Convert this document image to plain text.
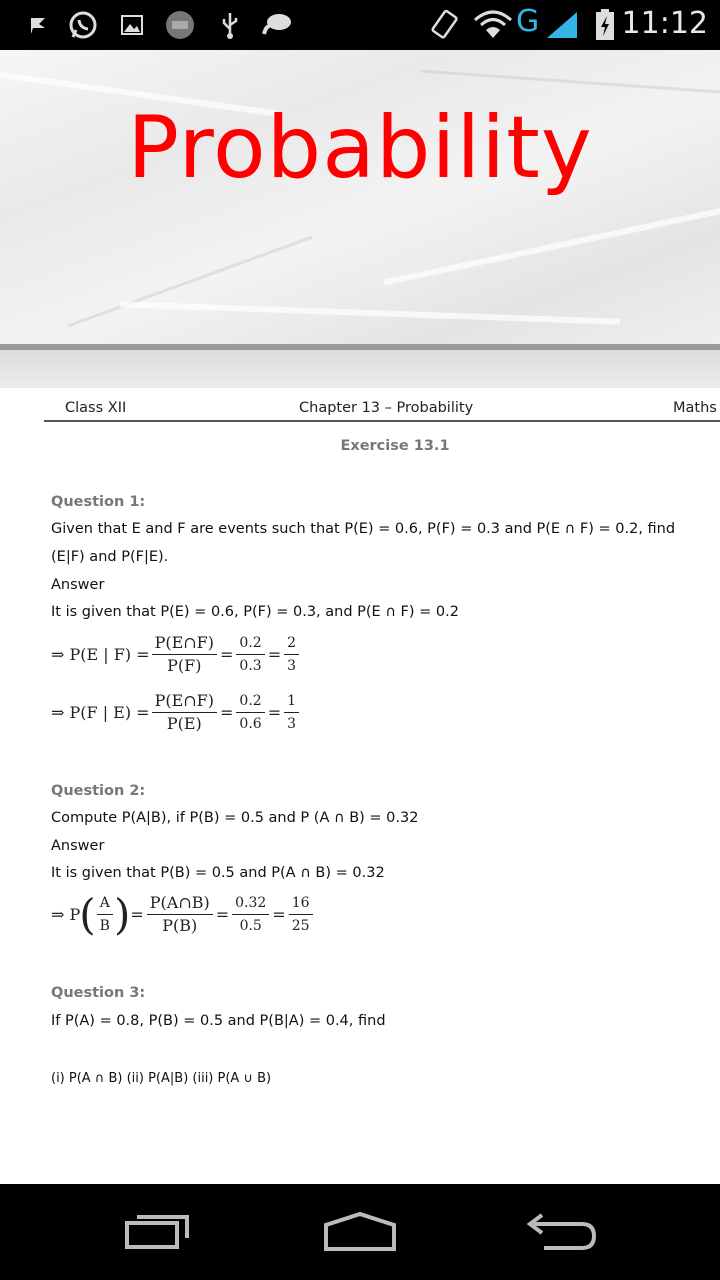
G	11:12
Probability
Class XII	Chapter 13 – Probability	Maths
Exercise 13.1
Question 1:
Given that E and F are events such that P(E) = 0.6, P(F) = 0.3 and P(E ∩ F) = 0.2, find
(E|F) and P(F|E).
Answer
It is given that P(E) = 0.6, P(F) = 0.3, and P(E ∩ F) = 0.2
⇒ P(E | $F) = \frac{P(E\cap F)}{P(F)} = \frac{0.2}{0.3} = \frac{2}{3}$
⇒ P(F | $E) = \frac{P(E\cap F)}{P(E)} = \frac{0.2}{0.6} = \frac{1}{3}$
Question 2:
Compute P(A|B), if P(B) = 0.5 and P (A ∩ B) = 0.32
Answer
It is given that P(B) = 0.5 and P(A ∩ B) = 0.32
⇒ P ( $\frac{A}{B}$ ) = $\frac{P(A\cap B)}{P(B)} = \frac{0.32}{0.5} = \frac{16}{25}$
Question 3:
If P(A) = 0.8, P(B) = 0.5 and P(B|A) = 0.4, find
(i) P(A ∩ B) (ii) P(A|B) (iii) P(A ∪ B)
